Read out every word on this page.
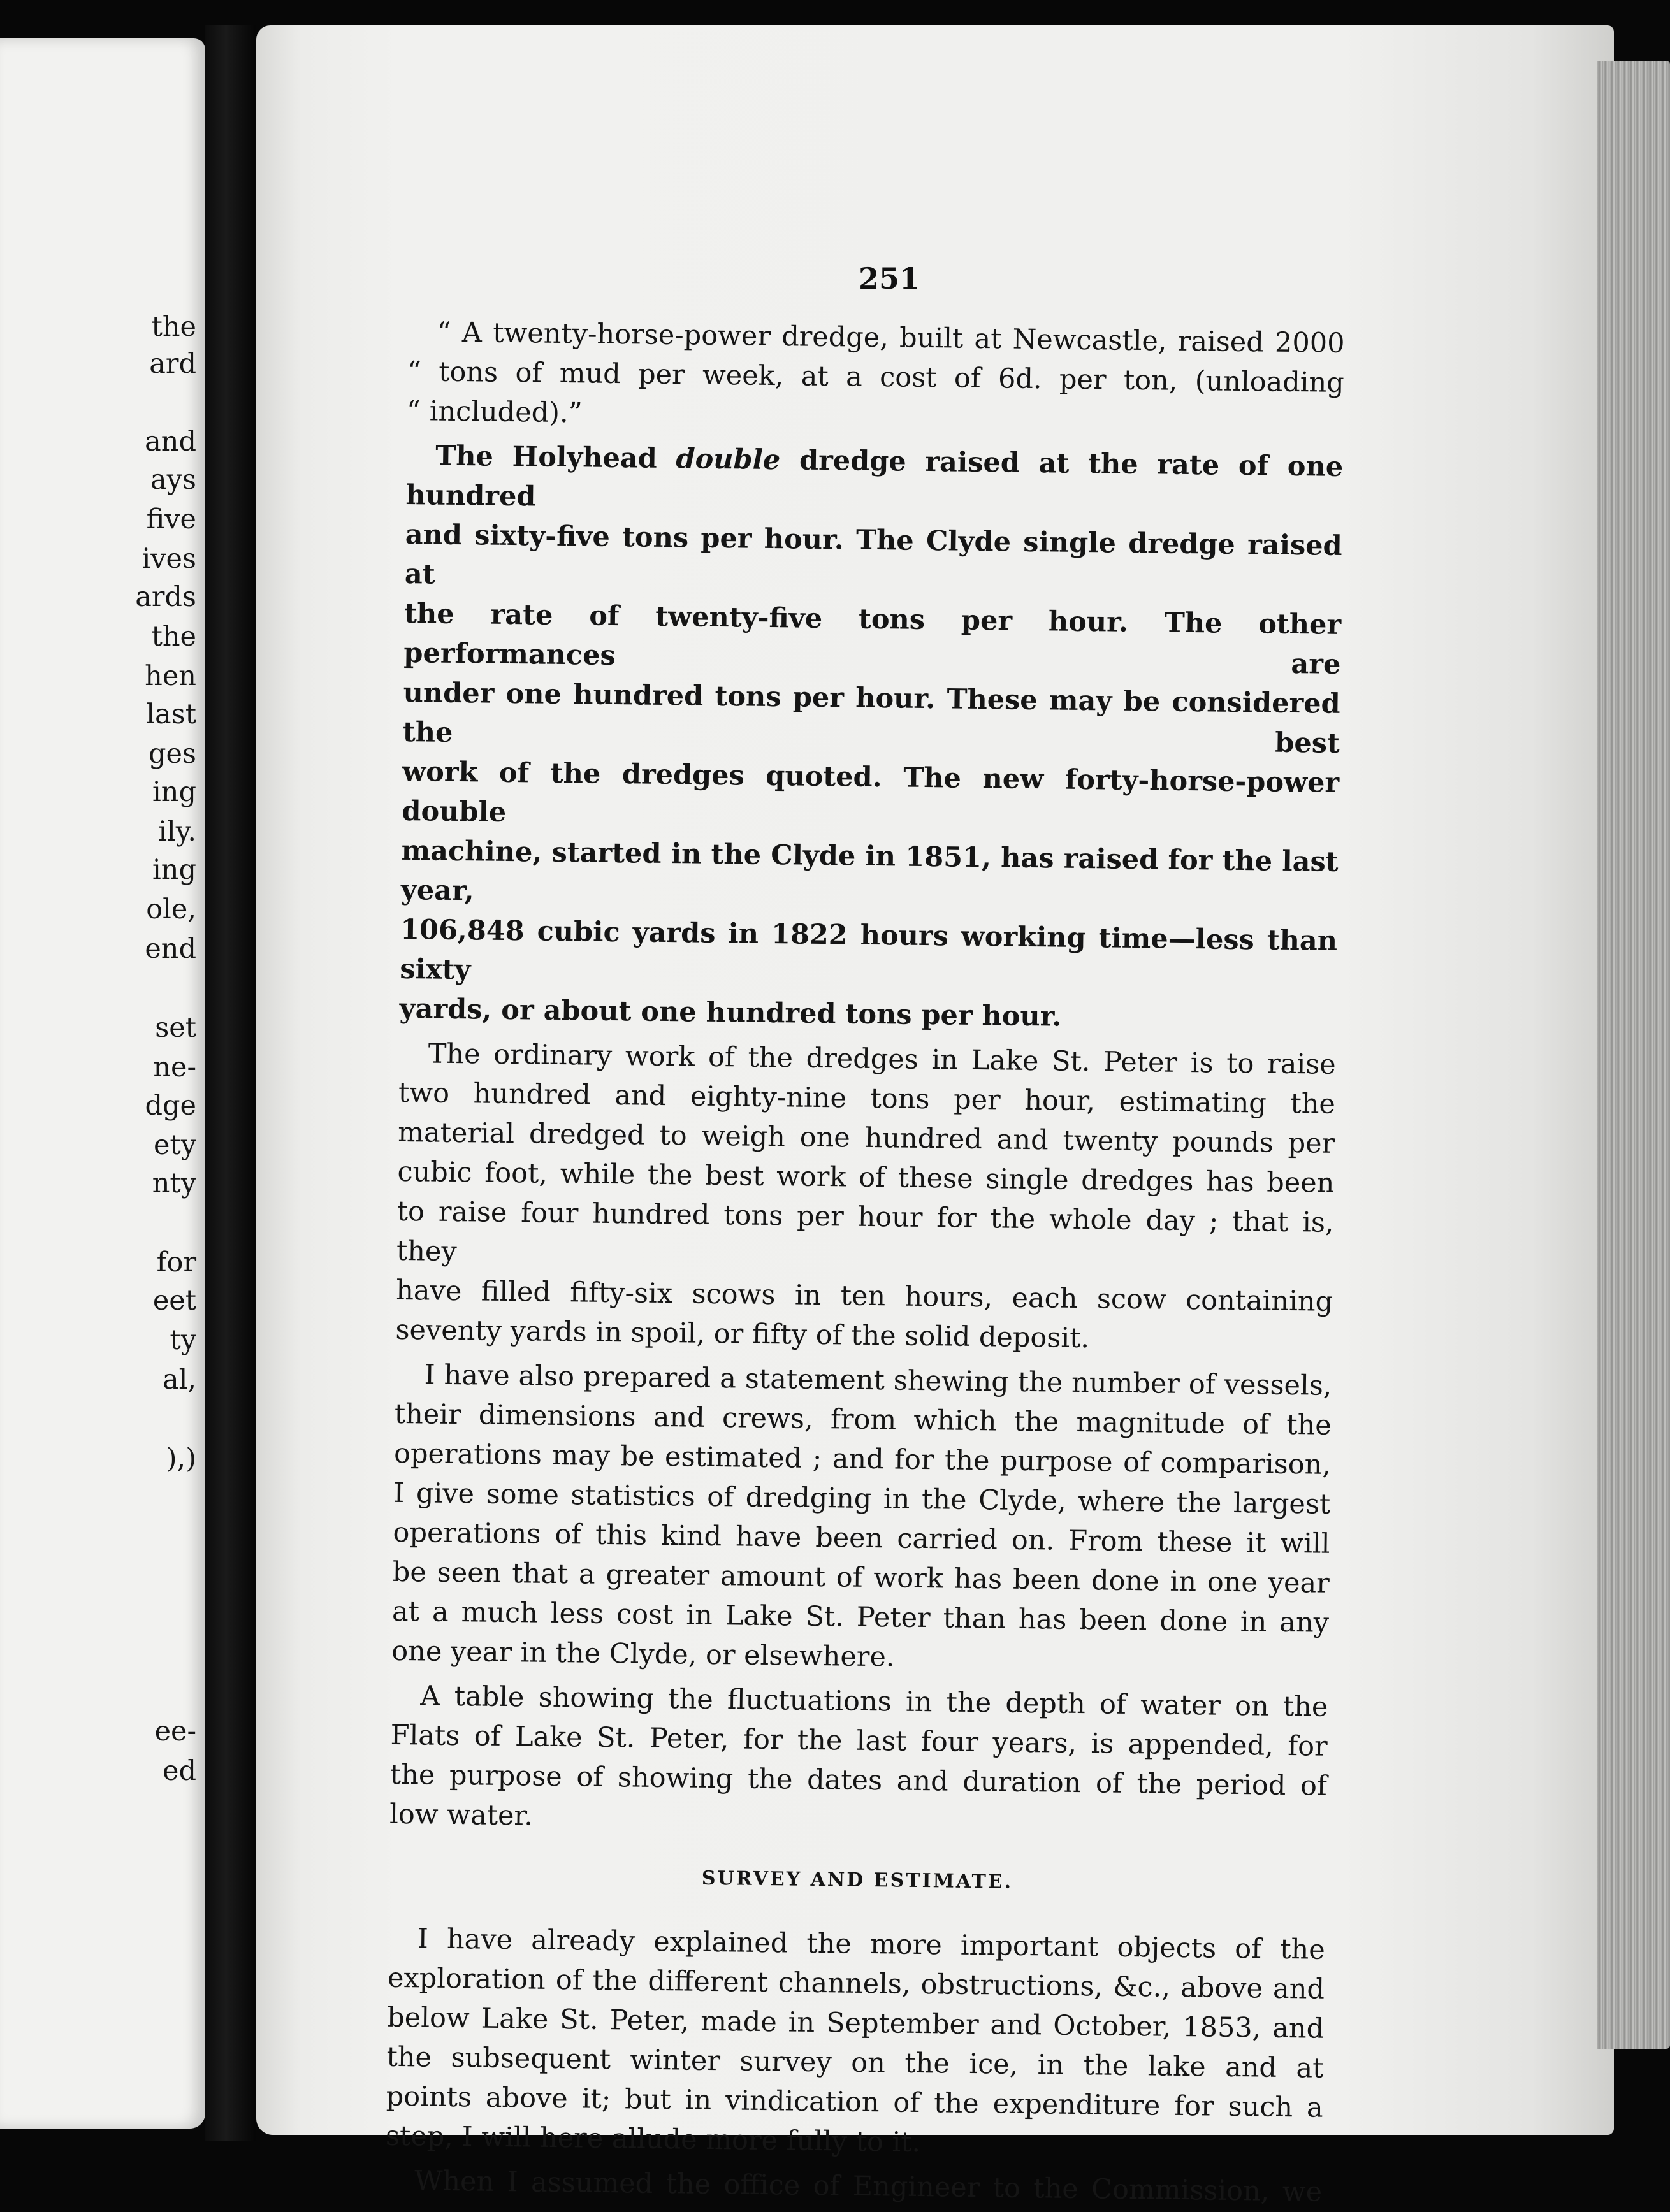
the

ard

and

ays

five

ives

ards

the

hen

last

ges

ing

ily.

ing

ole,

end

set

ne-

dge

ety

nty

for

eet

ty

al,

),)

ee-

ed

251

“ A twenty-horse-power dredge, built at Newcastle, raised 2000

“ tons of mud per week, at a cost of 6d. per ton, (unloading

“ included).”

The Holyhead double dredge raised at the rate of one hundred

and sixty-five tons per hour. The Clyde single dredge raised at

the rate of twenty-five tons per hour. The other performances are

under one hundred tons per hour. These may be considered the best

work of the dredges quoted. The new forty-horse-power double

machine, started in the Clyde in 1851, has raised for the last year,

106,848 cubic yards in 1822 hours working time—less than sixty

yards, or about one hundred tons per hour.

The ordinary work of the dredges in Lake St. Peter is to raise

two hundred and eighty-nine tons per hour, estimating the

material dredged to weigh one hundred and twenty pounds per

cubic foot, while the best work of these single dredges has been

to raise four hundred tons per hour for the whole day ; that is, they

have filled fifty-six scows in ten hours, each scow containing

seventy yards in spoil, or fifty of the solid deposit.

I have also prepared a statement shewing the number of vessels,

their dimensions and crews, from which the magnitude of the

operations may be estimated ; and for the purpose of comparison,

I give some statistics of dredging in the Clyde, where the largest

operations of this kind have been carried on. From these it will

be seen that a greater amount of work has been done in one year

at a much less cost in Lake St. Peter than has been done in any

one year in the Clyde, or elsewhere.

A table showing the fluctuations in the depth of water on the

Flats of Lake St. Peter, for the last four years, is appended, for

the purpose of showing the dates and duration of the period of

low water.

SURVEY AND ESTIMATE.

I have already explained the more important objects of the

exploration of the different channels, obstructions, &c., above and

below Lake St. Peter, made in September and October, 1853, and

the subsequent winter survey on the ice, in the lake and at

points above it; but in vindication of the expenditure for such a

step, I will here allude more fully to it.

When I assumed the office of Engineer to the Commission, we
